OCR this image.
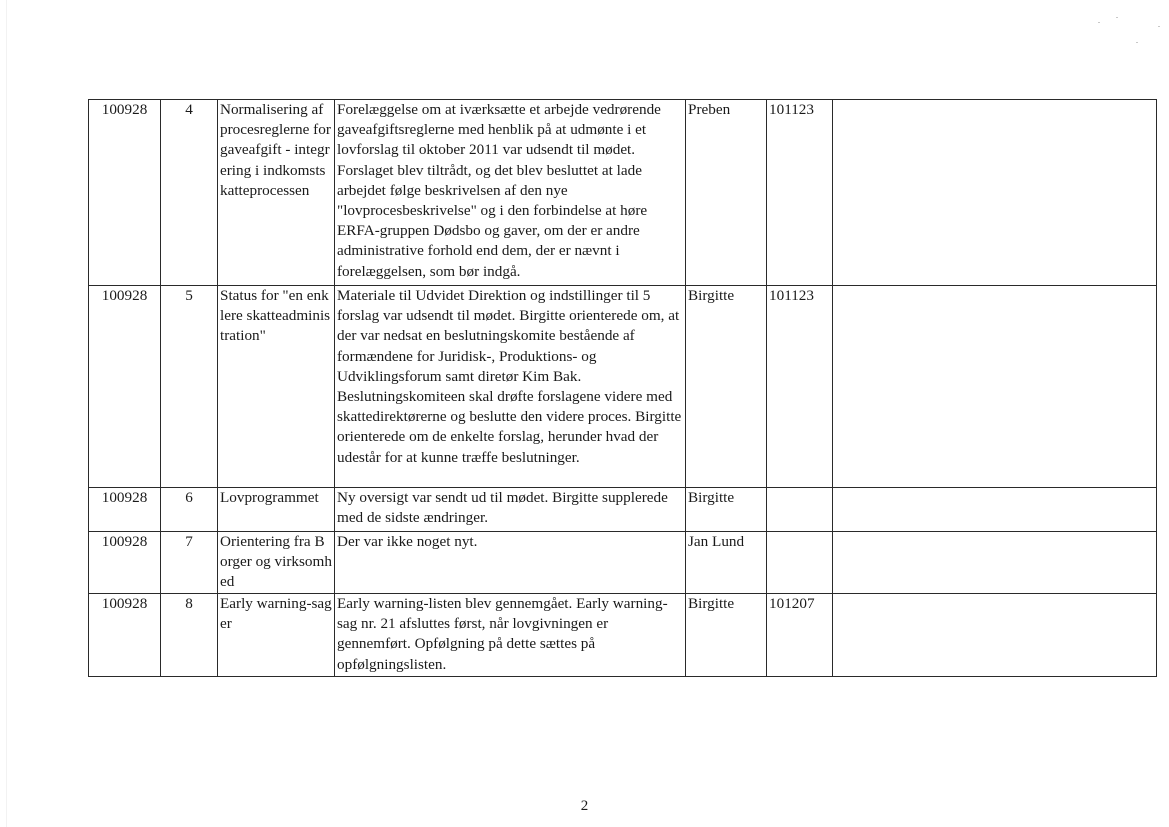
100928	4	Normalisering af procesreglerne for gaveafgift - integrering i indkomstskatteprocessen	Forelæggelse om at iværksætte et arbejde vedrørende gaveafgiftsreglerne med henblik på at udmønte i et lovforslag til oktober 2011 var udsendt til mødet. Forslaget blev tiltrådt, og det blev besluttet at lade arbejdet følge beskrivelsen af den nye "lovprocesbeskrivelse" og i den forbindelse at høre ERFA-gruppen Dødsbo og gaver, om der er andre administrative forhold end dem, der er nævnt i forelæggelsen, som bør indgå.	Preben	101123	
100928	5	Status for "en enklere skatteadministration"	Materiale til Udvidet Direktion og indstillinger til 5 forslag var udsendt til mødet. Birgitte orienterede om, at der var nedsat en beslutningskomite bestående af formændene for Juridisk-, Produktions- og Udviklingsforum samt diretør Kim Bak. Beslutningskomiteen skal drøfte forslagene videre med skattedirektørerne og beslutte den videre proces. Birgitte orienterede om de enkelte forslag, herunder hvad der udestår for at kunne træffe beslutninger.	Birgitte	101123	
100928	6	Lovprogrammet	Ny oversigt var sendt ud til mødet. Birgitte supplerede med de sidste ændringer.	Birgitte		
100928	7	Orientering fra Borger og virksomhed	Der var ikke noget nyt.	Jan Lund		
100928	8	Early warning-sager	Early warning-listen blev gennemgået. Early warning-sag nr. 21 afsluttes først, når lovgivningen er gennemført. Opfølgning på dette sættes på opfølgningslisten.	Birgitte	101207	
2
